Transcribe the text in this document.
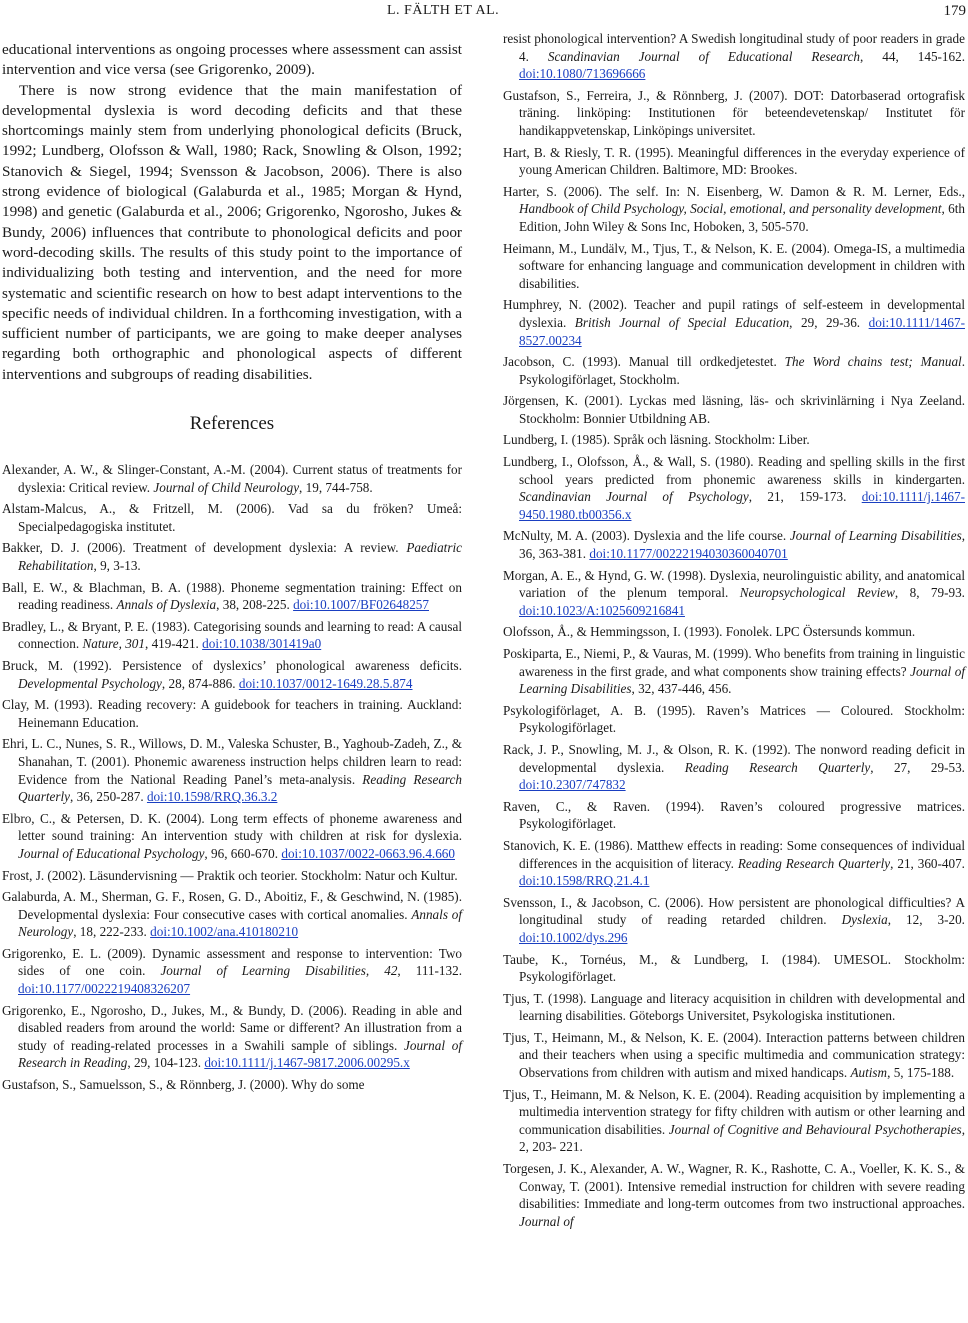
L. FÄLTH ET AL.	179

educational interventions as ongoing processes where assessment can assist intervention and vice versa (see Grigorenko, 2009).

There is now strong evidence that the main manifestation of developmental dyslexia is word decoding deficits and that these shortcomings mainly stem from underlying phonological deficits (Bruck, 1992; Lundberg, Olofsson & Wall, 1980; Rack, Snowling & Olson, 1992; Stanovich & Siegel, 1994; Svensson & Jacobson, 2006). There is also strong evidence of biological (Galaburda et al., 1985; Morgan & Hynd, 1998) and genetic (Galaburda et al., 2006; Grigorenko, Ngorosho, Jukes & Bundy, 2006) influences that contribute to phonological deficits and poor word-decoding skills. The results of this study point to the importance of individualizing both testing and intervention, and the need for more systematic and scientific research on how to best adapt interventions to the specific needs of individual children. In a forthcoming investigation, with a sufficient number of participants, we are going to make deeper analyses regarding both orthographic and phonological aspects of different interventions and subgroups of reading disabilities.

References

Alexander, A. W., & Slinger-Constant, A.-M. (2004). Current status of treatments for dyslexia: Critical review. Journal of Child Neurology, 19, 744-758.

Alstam-Malcus, A., & Fritzell, M. (2006). Vad sa du fröken? Umeå: Specialpedagogiska institutet.

Bakker, D. J. (2006). Treatment of development dyslexia: A review. Paediatric Rehabilitation, 9, 3-13.

Ball, E. W., & Blachman, B. A. (1988). Phoneme segmentation training: Effect on reading readiness. Annals of Dyslexia, 38, 208-225. doi:10.1007/BF02648257

Bradley, L., & Bryant, P. E. (1983). Categorising sounds and learning to read: A causal connection. Nature, 301, 419-421. doi:10.1038/301419a0

Bruck, M. (1992). Persistence of dyslexics’ phonological awareness deficits. Developmental Psychology, 28, 874-886. doi:10.1037/0012-1649.28.5.874

Clay, M. (1993). Reading recovery: A guidebook for teachers in training. Auckland: Heinemann Education.

Ehri, L. C., Nunes, S. R., Willows, D. M., Valeska Schuster, B., Yaghoub-Zadeh, Z., & Shanahan, T. (2001). Phonemic awareness instruction helps children learn to read: Evidence from the National Reading Panel’s meta-analysis. Reading Research Quarterly, 36, 250-287. doi:10.1598/RRQ.36.3.2

Elbro, C., & Petersen, D. K. (2004). Long term effects of phoneme awareness and letter sound training: An intervention study with children at risk for dyslexia. Journal of Educational Psychology, 96, 660-670. doi:10.1037/0022-0663.96.4.660

Frost, J. (2002). Läsundervisning — Praktik och teorier. Stockholm: Natur och Kultur.

Galaburda, A. M., Sherman, G. F., Rosen, G. D., Aboitiz, F., & Geschwind, N. (1985). Developmental dyslexia: Four consecutive cases with cortical anomalies. Annals of Neurology, 18, 222-233. doi:10.1002/ana.410180210

Grigorenko, E. L. (2009). Dynamic assessment and response to intervention: Two sides of one coin. Journal of Learning Disabilities, 42, 111-132. doi:10.1177/0022219408326207

Grigorenko, E., Ngorosho, D., Jukes, M., & Bundy, D. (2006). Reading in able and disabled readers from around the world: Same or different? An illustration from a study of reading-related processes in a Swahili sample of siblings. Journal of Research in Reading, 29, 104-123. doi:10.1111/j.1467-9817.2006.00295.x

Gustafson, S., Samuelsson, S., & Rönnberg, J. (2000). Why do some

resist phonological intervention? A Swedish longitudinal study of poor readers in grade 4. Scandinavian Journal of Educational Research, 44, 145-162. doi:10.1080/713696666

Gustafson, S., Ferreira, J., & Rönnberg, J. (2007). DOT: Datorbaserad ortografisk träning. linköping: Institutionen för beteendevetenskap/ Institutet för handikappvetenskap, Linköpings universitet.

Hart, B. & Riesly, T. R. (1995). Meaningful differences in the everyday experience of young American Children. Baltimore, MD: Brookes.

Harter, S. (2006). The self. In: N. Eisenberg, W. Damon & R. M. Lerner, Eds., Handbook of Child Psychology, Social, emotional, and personality development, 6th Edition, John Wiley & Sons Inc, Hoboken, 3, 505-570.

Heimann, M., Lundälv, M., Tjus, T., & Nelson, K. E. (2004). Omega-IS, a multimedia software for enhancing language and communication development in children with disabilities.

Humphrey, N. (2002). Teacher and pupil ratings of self-esteem in developmental dyslexia. British Journal of Special Education, 29, 29-36. doi:10.1111/1467-8527.00234

Jacobson, C. (1993). Manual till ordkedjetestet. The Word chains test; Manual. Psykologiförlaget, Stockholm.

Jörgensen, K. (2001). Lyckas med läsning, läs- och skrivinlärning i Nya Zeeland. Stockholm: Bonnier Utbildning AB.

Lundberg, I. (1985). Språk och läsning. Stockholm: Liber.

Lundberg, I., Olofsson, Å., & Wall, S. (1980). Reading and spelling skills in the first school years predicted from phonemic awareness skills in kindergarten. Scandinavian Journal of Psychology, 21, 159-173. doi:10.1111/j.1467-9450.1980.tb00356.x

McNulty, M. A. (2003). Dyslexia and the life course. Journal of Learning Disabilities, 36, 363-381. doi:10.1177/00222194030360040701

Morgan, A. E., & Hynd, G. W. (1998). Dyslexia, neurolinguistic ability, and anatomical variation of the plenum temporal. Neuropsychological Review, 8, 79-93. doi:10.1023/A:1025609216841

Olofsson, Å., & Hemmingsson, I. (1993). Fonolek. LPC Östersunds kommun.

Poskiparta, E., Niemi, P., & Vauras, M. (1999). Who benefits from training in linguistic awareness in the first grade, and what components show training effects? Journal of Learning Disabilities, 32, 437-446, 456.

Psykologiförlaget, A. B. (1995). Raven’s Matrices — Coloured. Stockholm: Psykologiförlaget.

Rack, J. P., Snowling, M. J., & Olson, R. K. (1992). The nonword reading deficit in developmental dyslexia. Reading Research Quarterly, 27, 29-53. doi:10.2307/747832

Raven, C., & Raven. (1994). Raven’s coloured progressive matrices. Psykologiförlaget.

Stanovich, K. E. (1986). Matthew effects in reading: Some consequences of individual differences in the acquisition of literacy. Reading Research Quarterly, 21, 360-407. doi:10.1598/RRQ.21.4.1

Svensson, I., & Jacobson, C. (2006). How persistent are phonological difficulties? A longitudinal study of reading retarded children. Dyslexia, 12, 3-20. doi:10.1002/dys.296

Taube, K., Tornéus, M., & Lundberg, I. (1984). UMESOL. Stockholm: Psykologiförlaget.

Tjus, T. (1998). Language and literacy acquisition in children with developmental and learning disabilities. Göteborgs Universitet, Psykologiska institutionen.

Tjus, T., Heimann, M., & Nelson, K. E. (2004). Interaction patterns between children and their teachers when using a specific multimedia and communication strategy: Observations from children with autism and mixed handicaps. Autism, 5, 175-188.

Tjus, T., Heimann, M. & Nelson, K. E. (2004). Reading acquisition by implementing a multimedia intervention strategy for fifty children with autism or other learning and communication disabilities. Journal of Cognitive and Behavioural Psychotherapies, 2, 203- 221.

Torgesen, J. K., Alexander, A. W., Wagner, R. K., Rashotte, C. A., Voeller, K. K. S., & Conway, T. (2001). Intensive remedial instruction for children with severe reading disabilities: Immediate and long-term outcomes from two instructional approaches. Journal of
